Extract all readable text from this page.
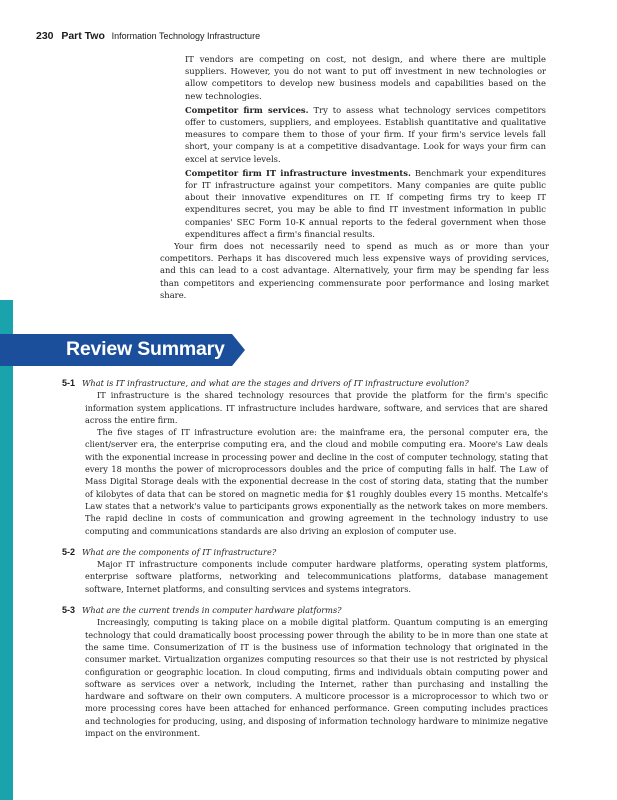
230 Part Two Information Technology Infrastructure

IT vendors are competing on cost, not design, and where there are multiple suppliers. However, you do not want to put off investment in new technologies or allow competitors to develop new business models and capabilities based on the new technologies.

Competitor firm services. Try to assess what technology services competitors offer to customers, suppliers, and employees. Establish quantitative and qualitative measures to compare them to those of your firm. If your firm's service levels fall short, your company is at a competitive disadvantage. Look for ways your firm can excel at service levels.

Competitor firm IT infrastructure investments. Benchmark your expenditures for IT infrastructure against your competitors. Many companies are quite public about their innovative expenditures on IT. If competing firms try to keep IT expenditures secret, you may be able to find IT investment information in public companies' SEC Form 10-K annual reports to the federal government when those expenditures affect a firm's financial results.

Your firm does not necessarily need to spend as much as or more than your competitors. Perhaps it has discovered much less expensive ways of providing services, and this can lead to a cost advantage. Alternatively, your firm may be spending far less than competitors and experiencing commensurate poor performance and losing market share.

Review Summary
5-1 What is IT infrastructure, and what are the stages and drivers of IT infrastructure evolution?

IT infrastructure is the shared technology resources that provide the platform for the firm's specific information system applications. IT infrastructure includes hardware, software, and services that are shared across the entire firm.

The five stages of IT infrastructure evolution are: the mainframe era, the personal computer era, the client/server era, the enterprise computing era, and the cloud and mobile computing era. Moore's Law deals with the exponential increase in processing power and decline in the cost of computer technology, stating that every 18 months the power of microprocessors doubles and the price of computing falls in half. The Law of Mass Digital Storage deals with the exponential decrease in the cost of storing data, stating that the number of kilobytes of data that can be stored on magnetic media for $1 roughly doubles every 15 months. Metcalfe's Law states that a network's value to participants grows exponentially as the network takes on more members. The rapid decline in costs of communication and growing agreement in the technology industry to use computing and communications standards are also driving an explosion of computer use.

5-2 What are the components of IT infrastructure?

Major IT infrastructure components include computer hardware platforms, operating system platforms, enterprise software platforms, networking and telecommunications platforms, database management software, Internet platforms, and consulting services and systems integrators.

5-3 What are the current trends in computer hardware platforms?

Increasingly, computing is taking place on a mobile digital platform. Quantum computing is an emerging technology that could dramatically boost processing power through the ability to be in more than one state at the same time. Consumerization of IT is the business use of information technology that originated in the consumer market. Virtualization organizes computing resources so that their use is not restricted by physical configuration or geographic location. In cloud computing, firms and individuals obtain computing power and software as services over a network, including the Internet, rather than purchasing and installing the hardware and software on their own computers. A multicore processor is a microprocessor to which two or more processing cores have been attached for enhanced performance. Green computing includes practices and technologies for producing, using, and disposing of information technology hardware to minimize negative impact on the environment.
